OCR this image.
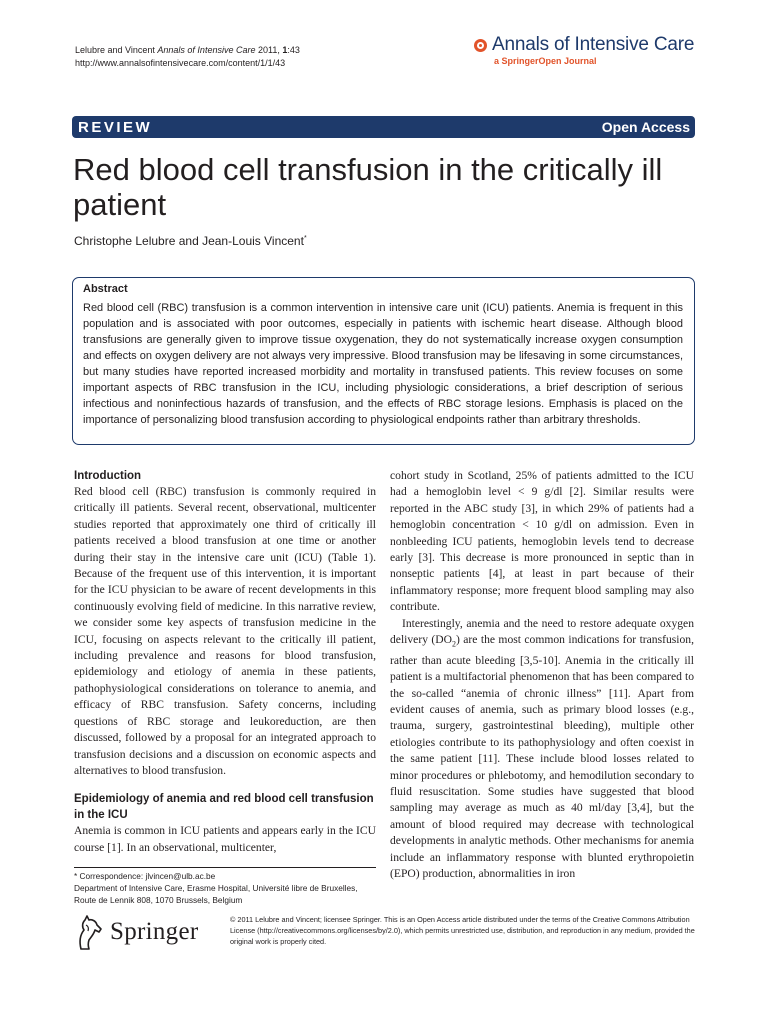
Lelubre and Vincent Annals of Intensive Care 2011, 1:43
http://www.annalsofintensivecare.com/content/1/1/43
Annals of Intensive Care
a SpringerOpen Journal
REVIEW	Open Access
Red blood cell transfusion in the critically ill patient
Christophe Lelubre and Jean-Louis Vincent*
Abstract

Red blood cell (RBC) transfusion is a common intervention in intensive care unit (ICU) patients. Anemia is frequent in this population and is associated with poor outcomes, especially in patients with ischemic heart disease. Although blood transfusions are generally given to improve tissue oxygenation, they do not systematically increase oxygen consumption and effects on oxygen delivery are not always very impressive. Blood transfusion may be lifesaving in some circumstances, but many studies have reported increased morbidity and mortality in transfused patients. This review focuses on some important aspects of RBC transfusion in the ICU, including physiologic considerations, a brief description of serious infectious and noninfectious hazards of transfusion, and the effects of RBC storage lesions. Emphasis is placed on the importance of personalizing blood transfusion according to physiological endpoints rather than arbitrary thresholds.

Introduction

Red blood cell (RBC) transfusion is commonly required in critically ill patients. Several recent, observational, multicenter studies reported that approximately one third of critically ill patients received a blood transfusion at one time or another during their stay in the intensive care unit (ICU) (Table 1). Because of the frequent use of this intervention, it is important for the ICU physician to be aware of recent developments in this continuously evolving field of medicine. In this narrative review, we consider some key aspects of transfusion medicine in the ICU, focusing on aspects relevant to the critically ill patient, including prevalence and reasons for blood transfusion, epidemiology and etiology of anemia in these patients, pathophysiological considerations on tolerance to anemia, and efficacy of RBC transfusion. Safety concerns, including questions of RBC storage and leukoreduction, are then discussed, followed by a proposal for an integrated approach to transfusion decisions and a discussion on economic aspects and alternatives to blood transfusion.

Epidemiology of anemia and red blood cell transfusion in the ICU

Anemia is common in ICU patients and appears early in the ICU course [1]. In an observational, multicenter,

cohort study in Scotland, 25% of patients admitted to the ICU had a hemoglobin level < 9 g/dl [2]. Similar results were reported in the ABC study [3], in which 29% of patients had a hemoglobin concentration < 10 g/dl on admission. Even in nonbleeding ICU patients, hemoglobin levels tend to decrease early [3]. This decrease is more pronounced in septic than in nonseptic patients [4], at least in part because of their inflammatory response; more frequent blood sampling may also contribute.

Interestingly, anemia and the need to restore adequate oxygen delivery $(DO_2)$ are the most common indications for transfusion, rather than acute bleeding [3,5-10]. Anemia in the critically ill patient is a multifactorial phenomenon that has been compared to the so-called “anemia of chronic illness” [11]. Apart from evident causes of anemia, such as primary blood losses (e.g., trauma, surgery, gastrointestinal bleeding), multiple other etiologies contribute to its pathophysiology and often coexist in the same patient [11]. These include blood losses related to minor procedures or phlebotomy, and hemodilution secondary to fluid resuscitation. Some studies have suggested that blood sampling may average as much as 40 ml/day [3,4], but the amount of blood required may decrease with technological developments in analytic methods. Other mechanisms for anemia include an inflammatory response with blunted erythropoietin (EPO) production, abnormalities in iron

* Correspondence: jlvincen@ulb.ac.be

Department of Intensive Care, Erasme Hospital, Université libre de Bruxelles, Route de Lennik 808, 1070 Brussels, Belgium

Springer	© 2011 Lelubre and Vincent; licensee Springer. This is an Open Access article distributed under the terms of the Creative Commons Attribution License (http://creativecommons.org/licenses/by/2.0), which permits unrestricted use, distribution, and reproduction in any medium, provided the original work is properly cited.
